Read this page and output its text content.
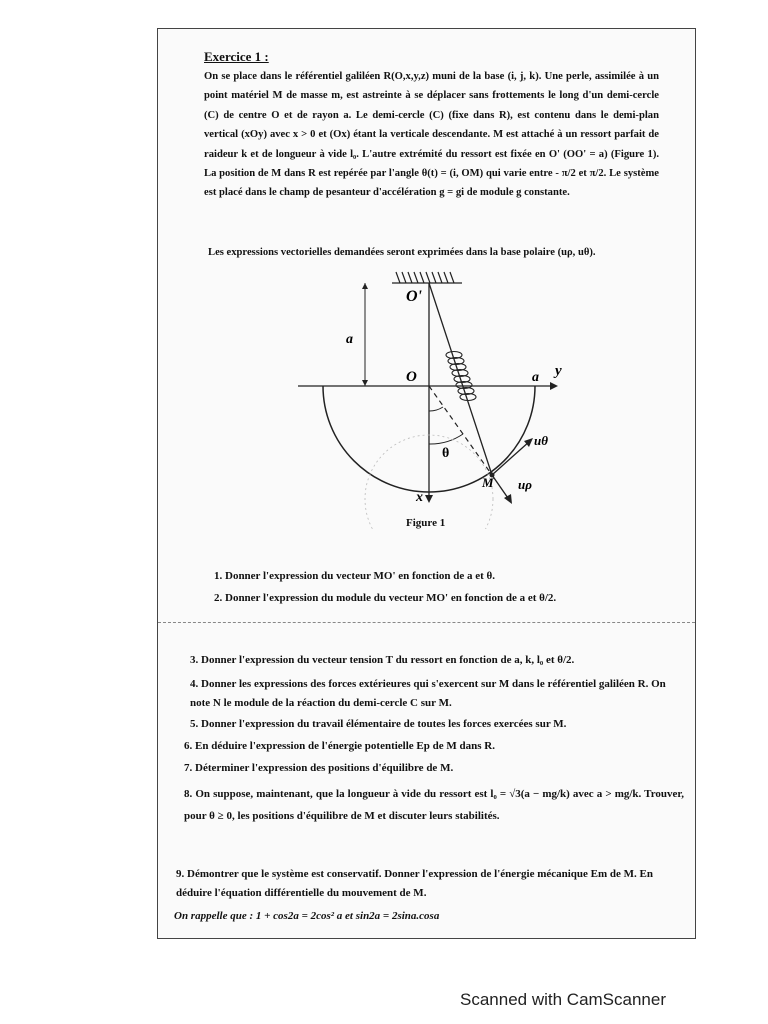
Exercice 1 :
On se place dans le référentiel galiléen R(O,x,y,z) muni de la base (i, j, k). Une perle, assimilée à un point matériel M de masse m, est astreinte à se déplacer sans frottements le long d'un demi-cercle (C) de centre O et de rayon a. Le demi-cercle (C) (fixe dans R), est contenu dans le demi-plan vertical (xOy) avec x > 0 et (Ox) étant la verticale descendante. M est attaché à un ressort parfait de raideur k et de longueur à vide l₀. L'autre extrémité du ressort est fixée en O' (OO' = a) (Figure 1). La position de M dans R est repérée par l'angle θ(t) = (i, OM) qui varie entre - π/2 et π/2. Le système est placé dans le champ de pesanteur d'accélération g = gi de module g constante.
Les expressions vectorielles demandées seront exprimées dans la base polaire (uρ, uθ).
O'
a
O	a y
θ
uθ
M uρ
x
Figure 1
1. Donner l'expression du vecteur MO' en fonction de a et θ.
2. Donner l'expression du module du vecteur MO' en fonction de a et θ/2.
3. Donner l'expression du vecteur tension T du ressort en fonction de a, k, l₀ et θ/2.
4. Donner les expressions des forces extérieures qui s'exercent sur M dans le référentiel galiléen R. On note N le module de la réaction du demi-cercle C sur M.
5. Donner l'expression du travail élémentaire de toutes les forces exercées sur M.
6. En déduire l'expression de l'énergie potentielle Ep de M dans R.
7. Déterminer l'expression des positions d'équilibre de M.
8. On suppose, maintenant, que la longueur à vide du ressort est l₀ = √3(a − mg/k) avec a > mg/k. Trouver, pour θ ≥ 0, les positions d'équilibre de M et discuter leurs stabilités.
9. Démontrer que le système est conservatif. Donner l'expression de l'énergie mécanique Em de M. En déduire l'équation différentielle du mouvement de M.
On rappelle que : 1 + cos2a = 2cos² a et sin2a = 2sina.cosa
Scanned with CamScanner
